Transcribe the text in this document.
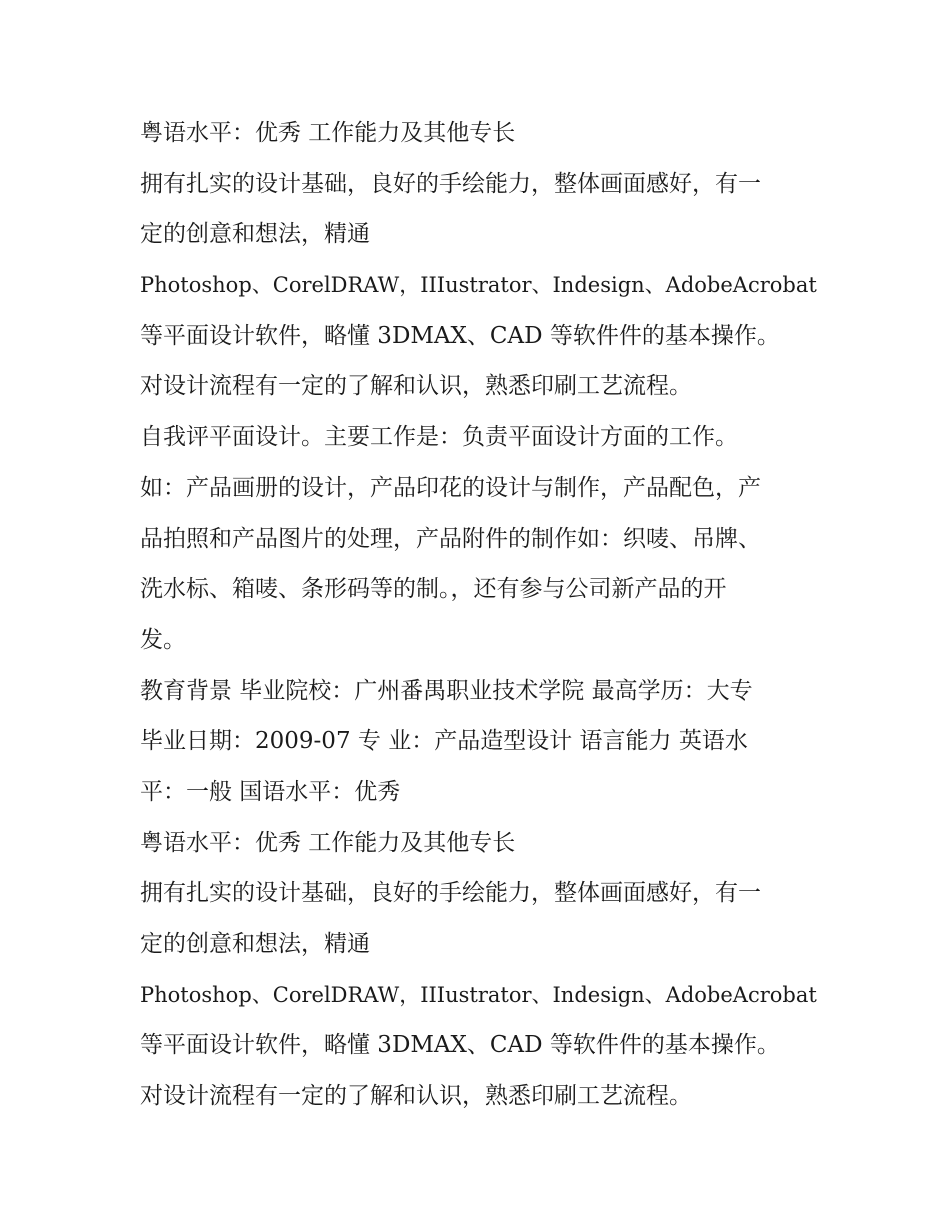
粤语水平：优秀 工作能力及其他专长
拥有扎实的设计基础，良好的手绘能力，整体画面感好，有一
定的创意和想法，精通
Photoshop、CorelDRAW，IIIustrator、Indesign、AdobeAcrobat
等平面设计软件，略懂 3DMAX、CAD 等软件件的基本操作。
对设计流程有一定的了解和认识，熟悉印刷工艺流程。
自我评平面设计。主要工作是：负责平面设计方面的工作。
如：产品画册的设计，产品印花的设计与制作，产品配色，产
品拍照和产品图片的处理，产品附件的制作如：织唛、吊牌、
洗水标、箱唛、条形码等的制。，还有参与公司新产品的开
发。
教育背景 毕业院校：广州番禺职业技术学院 最高学历：大专
毕业日期：2009-07 专 业：产品造型设计 语言能力 英语水
平：一般 国语水平：优秀
粤语水平：优秀 工作能力及其他专长
拥有扎实的设计基础，良好的手绘能力，整体画面感好，有一
定的创意和想法，精通
Photoshop、CorelDRAW，IIIustrator、Indesign、AdobeAcrobat
等平面设计软件，略懂 3DMAX、CAD 等软件件的基本操作。
对设计流程有一定的了解和认识，熟悉印刷工艺流程。
